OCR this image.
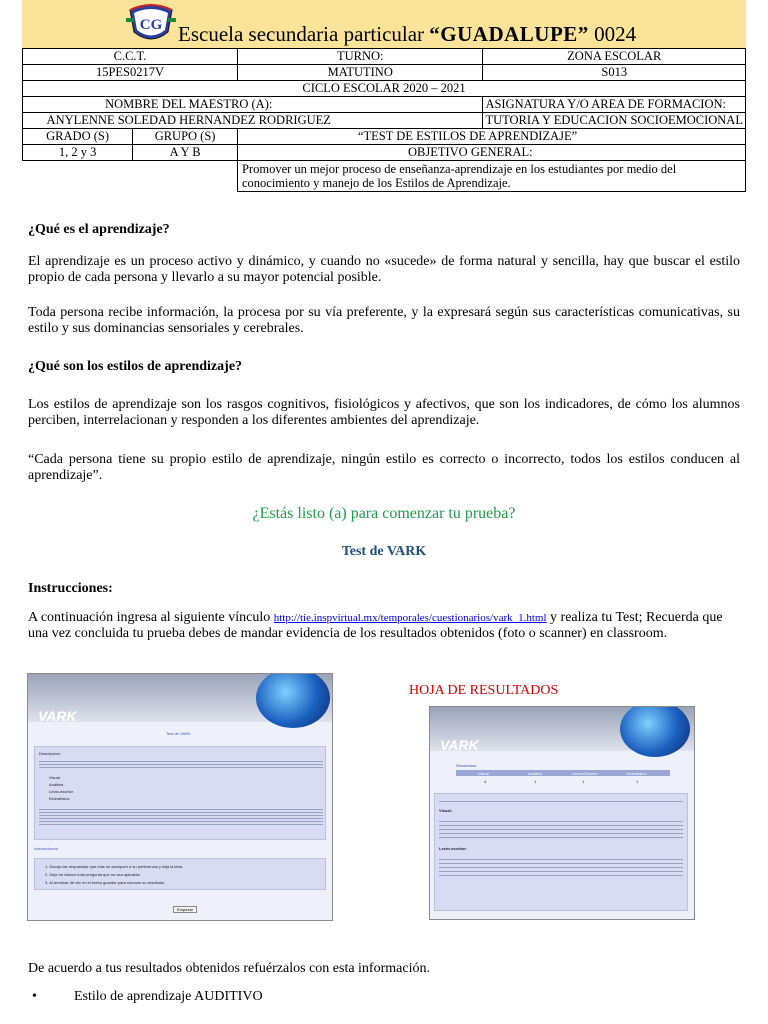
CG Escuela secundaria particular “GUADALUPE” 0024
C.C.T.		TURNO:	ZONA ESCOLAR
15PES0217V		MATUTINO	S013
CICLO ESCOLAR 2020 – 2021			
NOMBRE DEL MAESTRO (A):			ASIGNATURA Y/O AREA DE FORMACION:
ANYLENNE SOLEDAD HERNANDEZ RODRIGUEZ			TUTORIA Y EDUCACION SOCIOEMOCIONAL
GRADO (S)	GRUPO (S)	“TEST DE ESTILOS DE APRENDIZAJE”	
1, 2 y 3	A Y B	OBJETIVO GENERAL:	
		Promover un mejor proceso de enseñanza-aprendizaje en los estudiantes por medio del conocimiento y manejo de los Estilos de Aprendizaje.	
¿Qué es el aprendizaje?
El aprendizaje es un proceso activo y dinámico, y cuando no «sucede» de forma natural y sencilla, hay que buscar el estilo propio de cada persona y llevarlo a su mayor potencial posible.
Toda persona recibe información, la procesa por su vía preferente, y la expresará según sus características comunicativas, su estilo y sus dominancias sensoriales y cerebrales.
¿Qué son los estilos de aprendizaje?
Los estilos de aprendizaje son los rasgos cognitivos, fisiológicos y afectivos, que son los indicadores, de cómo los alumnos perciben, interrelacionan y responden a los diferentes ambientes del aprendizaje.
“Cada persona tiene su propio estilo de aprendizaje, ningún estilo es correcto o incorrecto, todos los estilos conducen al aprendizaje”.
¿Estás listo (a) para comenzar tu prueba?
Test de VARK
Instrucciones:
A continuación ingresa al siguiente vínculo http://tie.inspvirtual.mx/temporales/cuestionarios/vark_1.html y realiza tu Test; Recuerda que una vez concluida tu prueba debes de mandar evidencia de los resultados obtenidos (foto o scanner) en classroom.
VARK
Test de VARK
Descripción:
Visual
Auditiva
Lecto-escritor
Kinestésica
Instrucciones:
1. Escoja las respuestas que más se acerquen a su preferencia y elija la letra.
2. Deje en blanco toda pregunta que no sea aplicable.
3. Al terminar dé clic en el botón guardar para conocer su resultado.
Empezar
HOJA DE RESULTADOS
VARK
Resultados:
Visual	Auditivo	Lector/Escritor	Kinestésico
4	1	1	1
Visual:
Lecto-escritor:
De acuerdo a tus resultados obtenidos refuérzalos con esta información.
•	Estilo de aprendizaje AUDITIVO
